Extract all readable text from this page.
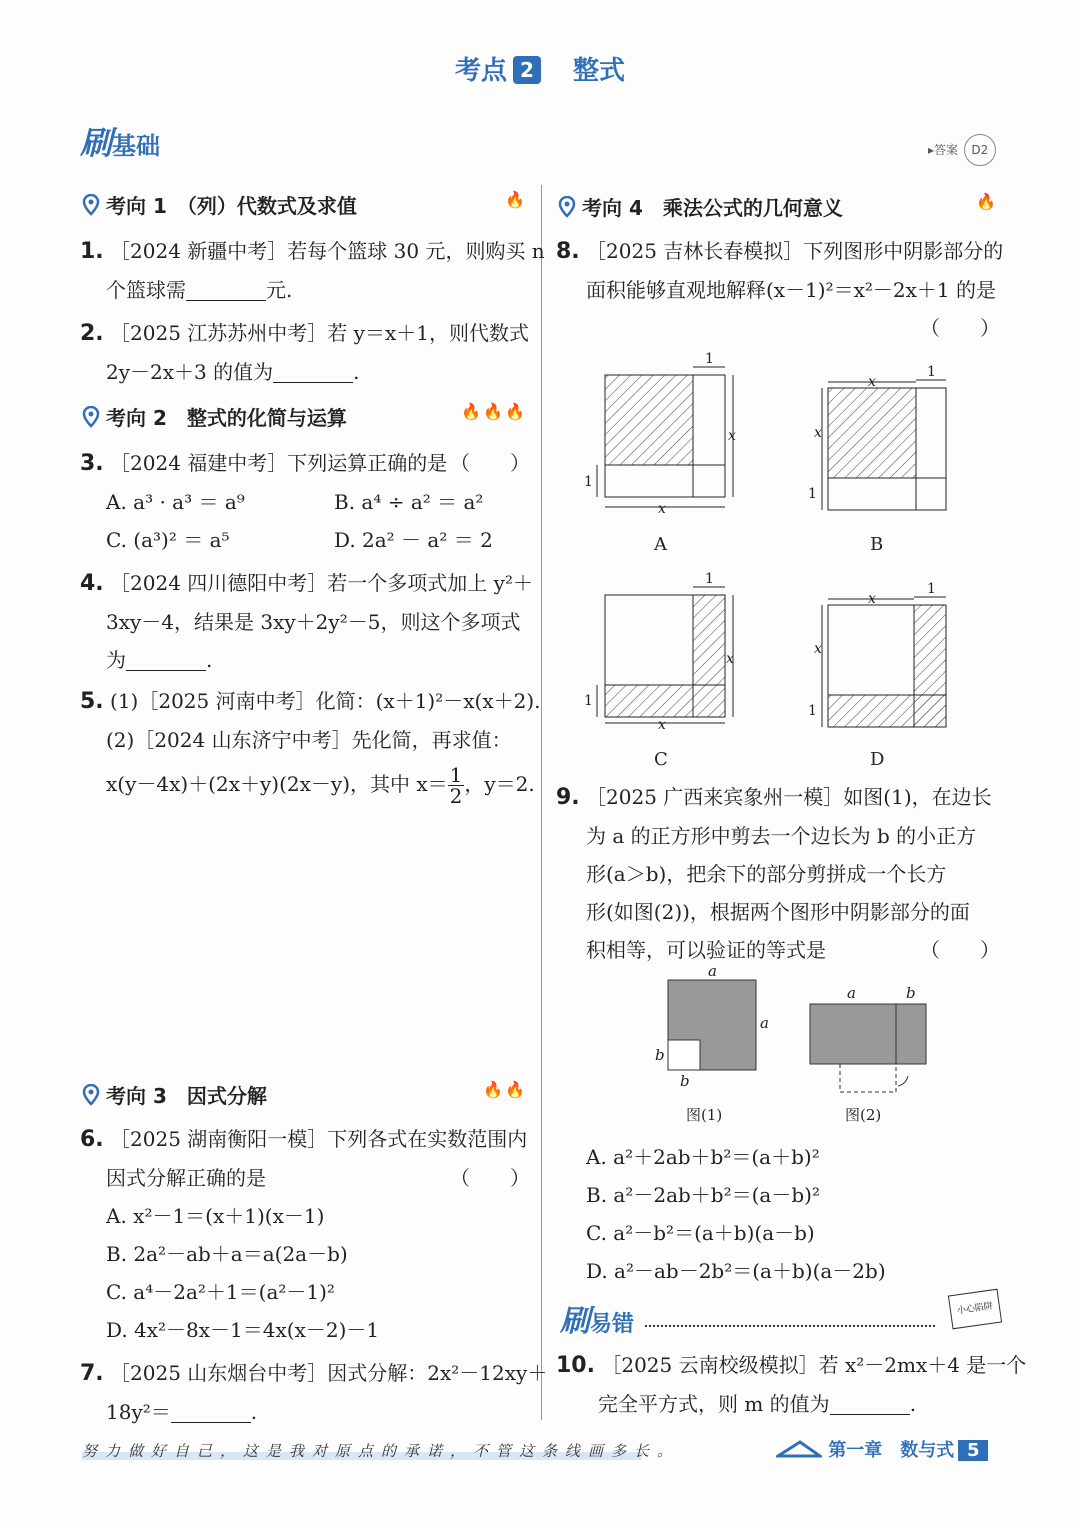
考点 2　 整式
刷基础	▸答案 D2
考向 1　（列）代数式及求值	🔥
1. ［2024 新疆中考］若每个篮球 30 元，则购买 n
个篮球需	元.
2. ［2025 江苏苏州中考］若 y＝x＋1，则代数式
2y－2x＋3 的值为	.
考向 2　整式的化简与运算	🔥🔥🔥
3. ［2024 福建中考］下列运算正确的是 （　　）
A. a³ · a³ ＝ a⁹	B. a⁴ ÷ a² ＝ a²
C. (a³)² ＝ a⁵	D. 2a² － a² ＝ 2
4. ［2024 四川德阳中考］若一个多项式加上 y²＋
3xy－4，结果是 3xy＋2y²－5，则这个多项式
为	.
5. (1)［2025 河南中考］化简：(x＋1)²－x(x＋2).
(2)［2024 山东济宁中考］先化简，再求值：
x(y－4x)＋(2x＋y)(2x－y)，其中 $x= \frac{1}{2}$ ，y＝2.
考向 3　因式分解	🔥🔥
6. ［2025 湖南衡阳一模］下列各式在实数范围内
因式分解正确的是	（　　）
A. x²－1＝(x＋1)(x－1)
B. 2a²－ab＋a＝a(2a－b)
C. a⁴－2a²＋1＝(a²－1)²
D. 4x²－8x－1＝4x(x－2)－1
7. ［2025 山东烟台中考］因式分解：2x²－12xy＋
18y²＝	.
考向 4　乘法公式的几何意义	🔥
8. ［2025 吉林长春模拟］下列图形中阴影部分的
面积能够直观地解释(x－1)²＝x²－2x＋1 的是
（　　）
1
x
1
x
A
x
1
x
1
B
1
x
1
x
C
x
1
x
1
D
9. ［2025 广西来宾象州一模］如图(1)，在边长
为 a 的正方形中剪去一个边长为 b 的小正方
形(a＞b)，把余下的部分剪拼成一个长方
形(如图(2))，根据两个图形中阴影部分的面
积相等，可以验证的等式是	（　　）
a
a
b
b
图(1)
a	b
图(2)
A. a²＋2ab＋b²＝(a＋b)²
B. a²－2ab＋b²＝(a－b)²
C. a²－b²＝(a＋b)(a－b)
D. a²－ab－2b²＝(a＋b)(a－2b)
刷易错
小心陷阱
10. ［2025 云南校级模拟］若 x²－2mx＋4 是一个
完全平方式，则 m 的值为	.
努力做好自己，这是我对原点的承诺，不管这条线画多长。	第一章　数与式 5
